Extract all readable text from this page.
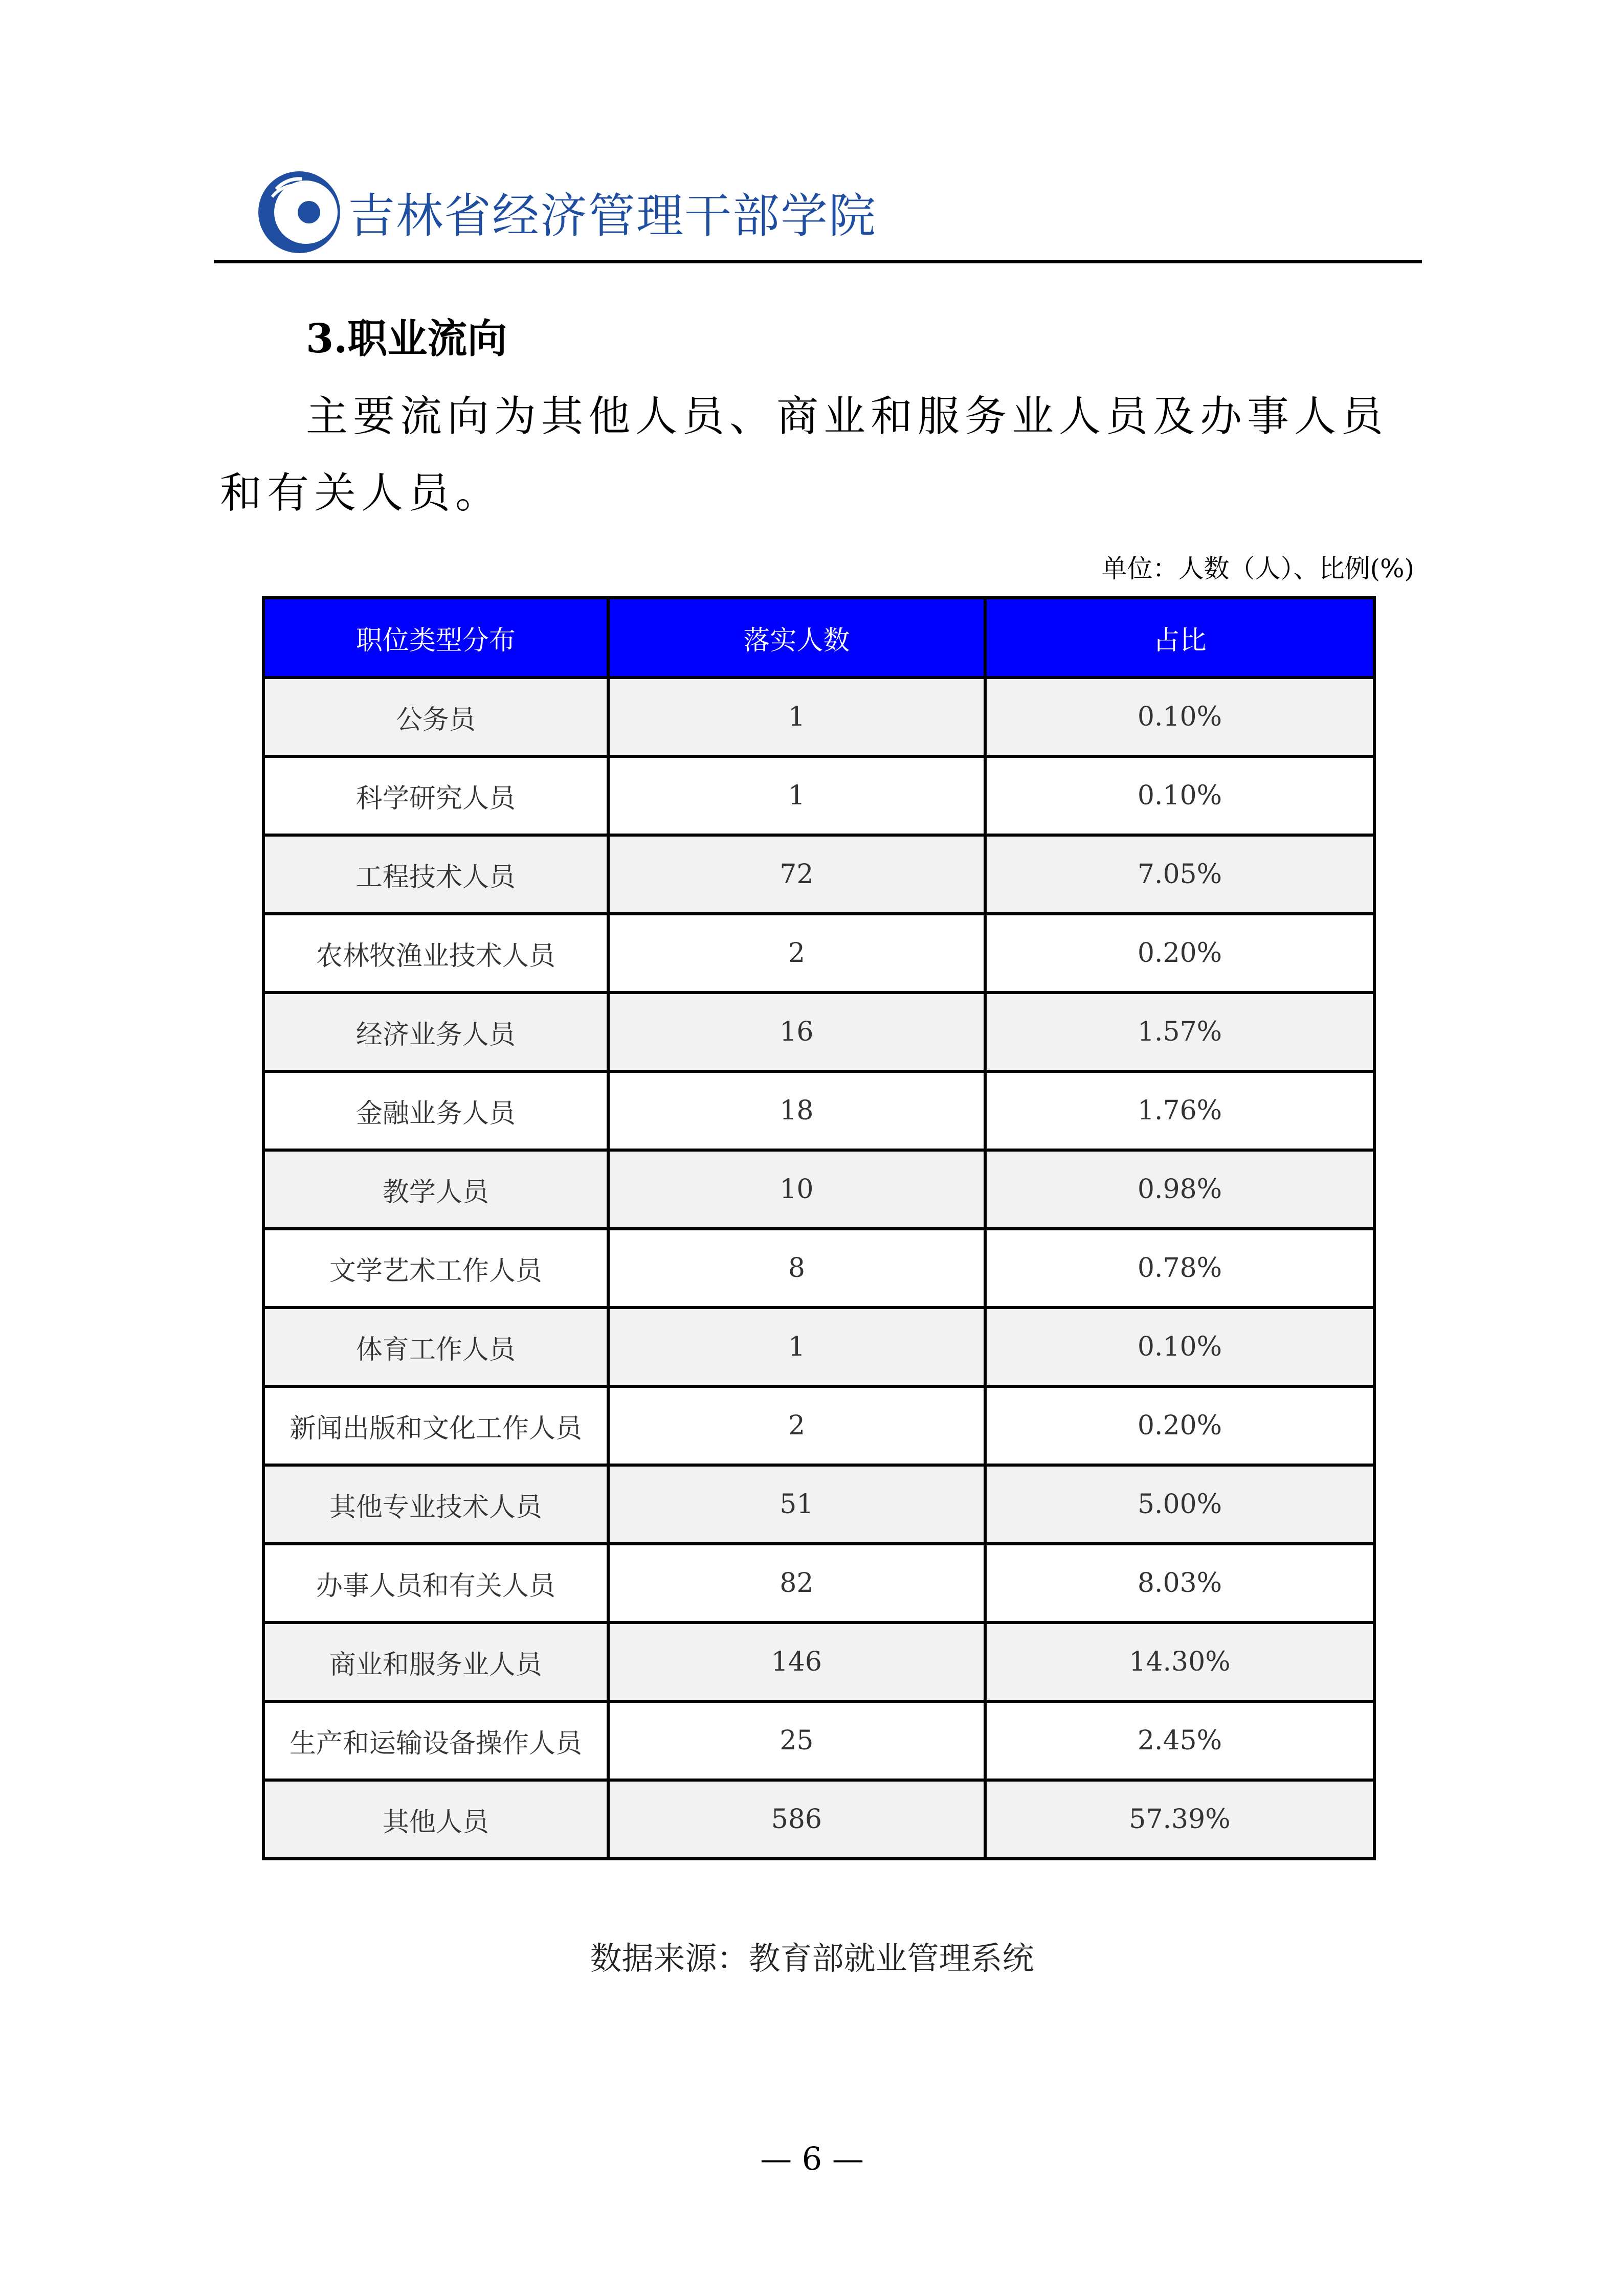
吉林省经济管理干部学院
3.职业流向
主要流向为其他人员、商业和服务业人员及办事人员和有关人员。
单位：人数（人）、比例(%)
职位类型分布	落实人数	占比
公务员	1	0.10%
科学研究人员	1	0.10%
工程技术人员	72	7.05%
农林牧渔业技术人员	2	0.20%
经济业务人员	16	1.57%
金融业务人员	18	1.76%
教学人员	10	0.98%
文学艺术工作人员	8	0.78%
体育工作人员	1	0.10%
新闻出版和文化工作人员	2	0.20%
其他专业技术人员	51	5.00%
办事人员和有关人员	82	8.03%
商业和服务业人员	146	14.30%
生产和运输设备操作人员	25	2.45%
其他人员	586	57.39%
数据来源：教育部就业管理系统
— 6 —
